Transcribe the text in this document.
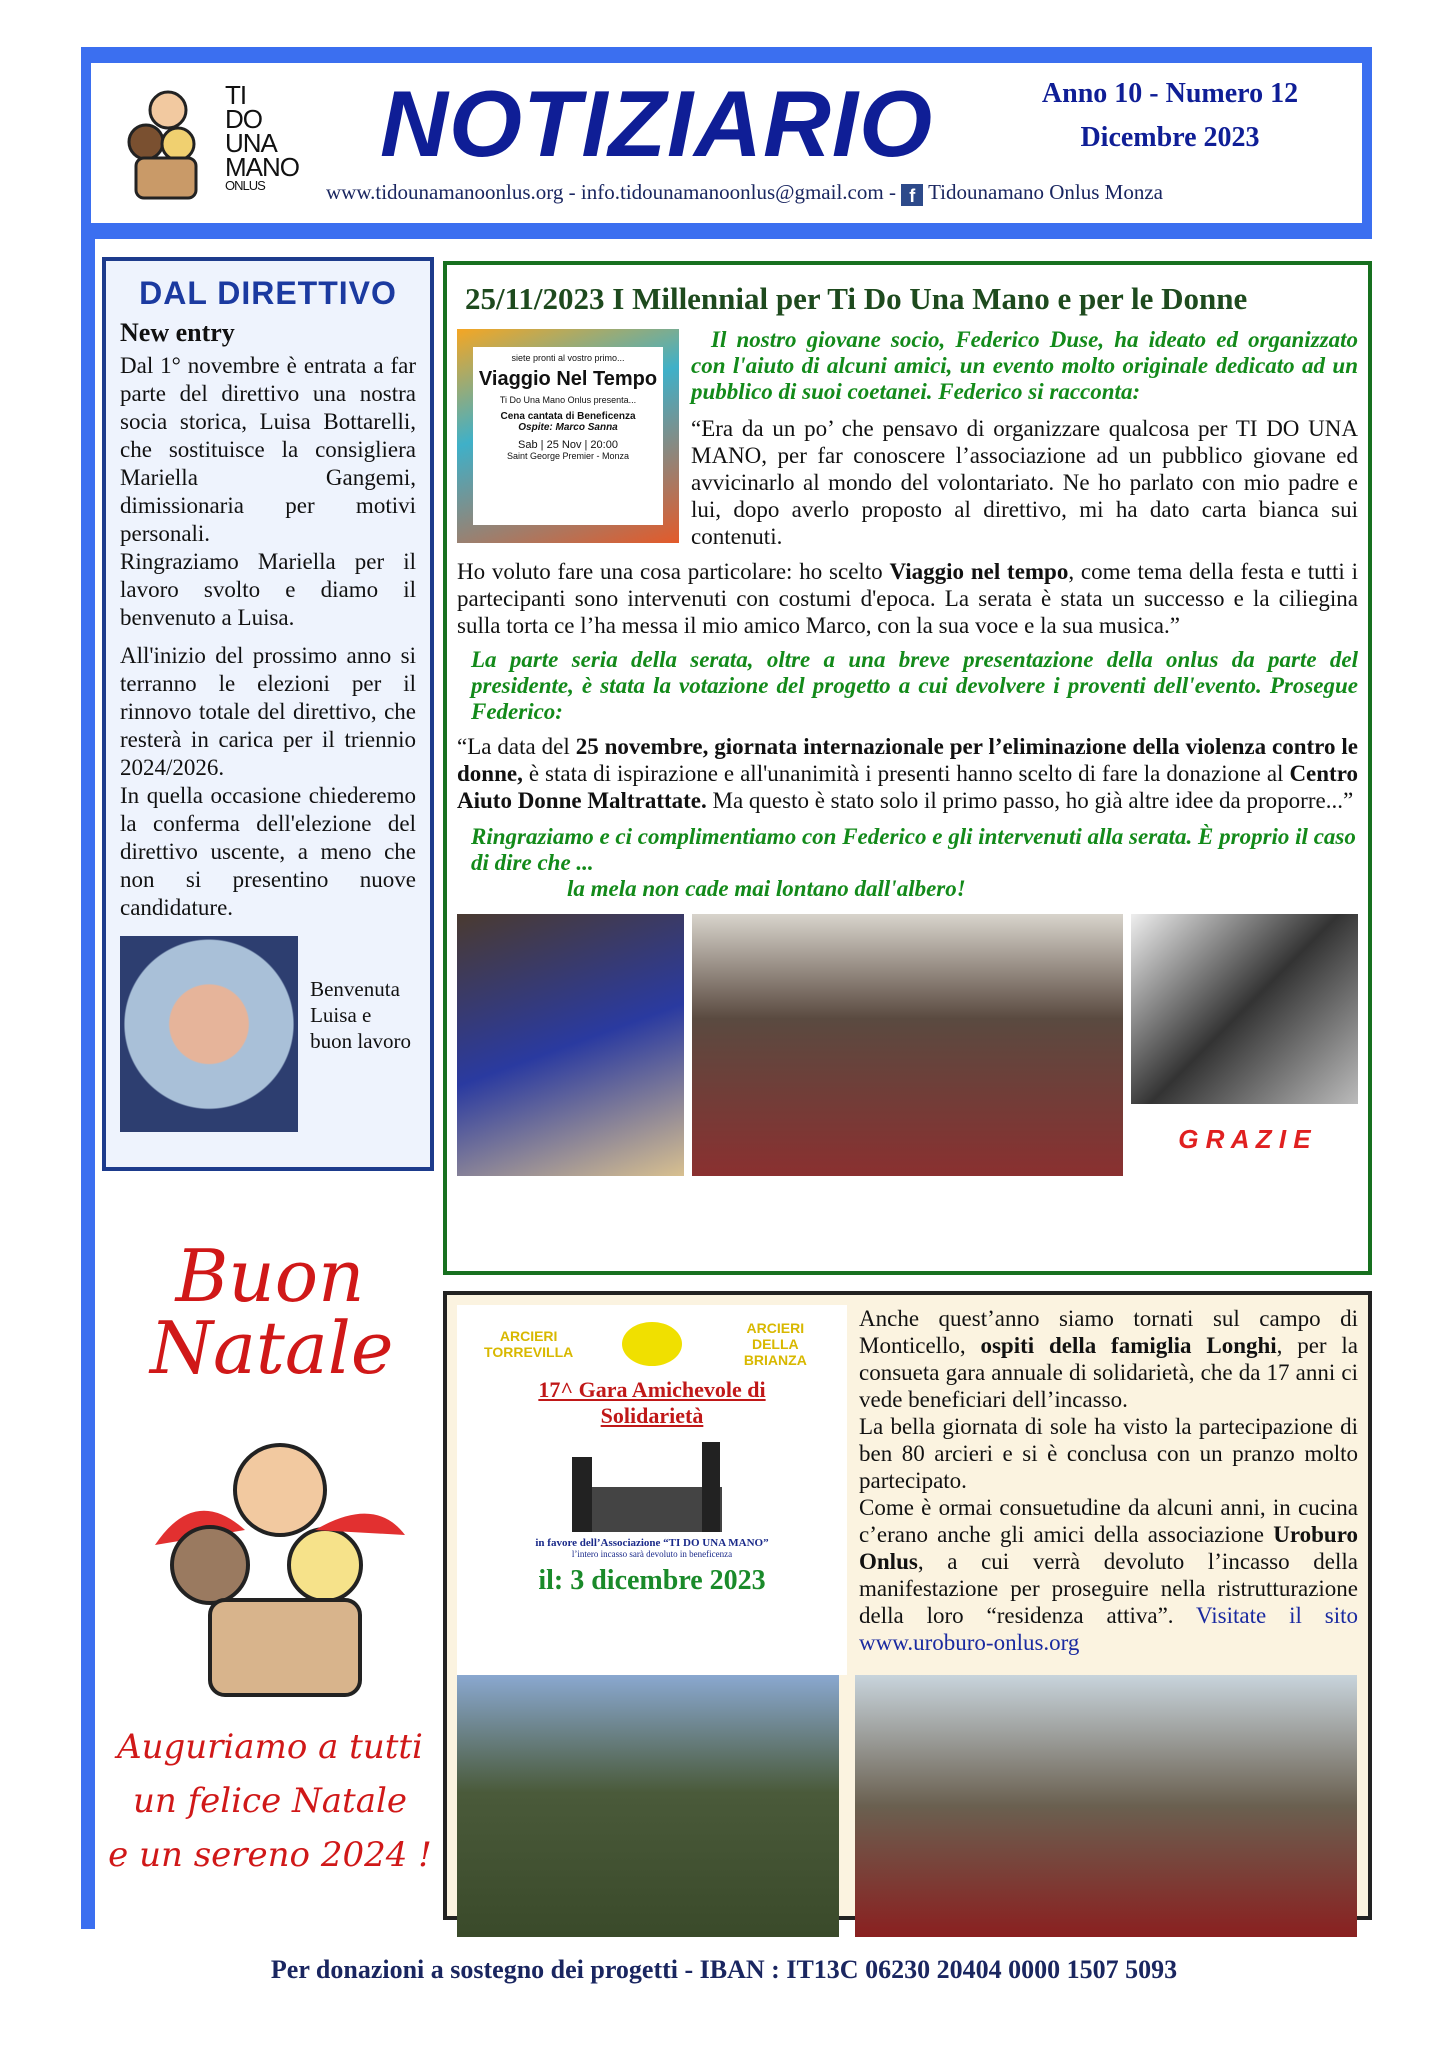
TI
DO
UNA
MANO
ONLUS
NOTIZIARIO	Anno 10 - Numero 12
Dicembre 2023
www.tidounamanoonlus.org - info.tidounamanoonlus@gmail.com - f Tidounamano Onlus Monza
DAL DIRETTIVO
New entry

Dal 1° novembre è entrata a far parte del direttivo una nostra socia storica, Luisa Bottarelli, che sostituisce la consigliera Mariella Gangemi, dimissionaria per motivi personali.

Ringraziamo Mariella per il lavoro svolto e diamo il benvenuto a Luisa.

All'inizio del prossimo anno si terranno le elezioni per il rinnovo totale del direttivo, che resterà in carica per il triennio 2024/2026.

In quella occasione chiederemo la conferma dell'elezione del direttivo uscente, a meno che non si presentino nuove candidature.

Benvenuta Luisa e buon lavoro
Buon
Natale
Auguriamo a tutti
un felice Natale
e un sereno 2024 !
25/11/2023 I Millennial per Ti Do Una Mano e per le Donne
siete pronti al vostro primo...
Viaggio Nel Tempo
Ti Do Una Mano Onlus presenta...
Cena cantata di Beneficenza
Ospite: Marco Sanna
Sab | 25 Nov | 20:00
Saint George Premier - Monza

Il nostro giovane socio, Federico Duse, ha ideato ed organizzato con l'aiuto di alcuni amici, un evento molto originale dedicato ad un pubblico di suoi coetanei. Federico si racconta:

“Era da un po’ che pensavo di organizzare qualcosa per TI DO UNA MANO, per far conoscere l’associazione ad un pubblico giovane ed avvicinarlo al mondo del volontariato. Ne ho parlato con mio padre e lui, dopo averlo proposto al direttivo, mi ha dato carta bianca sui contenuti.

Ho voluto fare una cosa particolare: ho scelto Viaggio nel tempo, come tema della festa e tutti i partecipanti sono intervenuti con costumi d'epoca. La serata è stata un successo e la ciliegina sulla torta ce l’ha messa il mio amico Marco, con la sua voce e la sua musica.”

La parte seria della serata, oltre a una breve presentazione della onlus da parte del presidente, è stata la votazione del progetto a cui devolvere i proventi dell'evento. Prosegue Federico:

“La data del 25 novembre, giornata internazionale per l’eliminazione della violenza contro le donne, è stata di ispirazione e all'unanimità i presenti hanno scelto di fare la donazione al Centro Aiuto Donne Maltrattate. Ma questo è stato solo il primo passo, ho già altre idee da proporre...”

Ringraziamo e ci complimentiamo con Federico e gli intervenuti alla serata. È proprio il caso di dire che ...

la mela non cade mai lontano dall'albero!

G R A Z I E
ARCIERI TORREVILLA
ARCIERI DELLA BRIANZA
17^ Gara Amichevole di Solidarietà
in favore dell’Associazione “TI DO UNA MANO”
l’intero incasso sarà devoluto in beneficenza
il: 3 dicembre 2023

Anche quest’anno siamo tornati sul campo di Monticello, ospiti della famiglia Longhi, per la consueta gara annuale di solidarietà, che da 17 anni ci vede beneficiari dell’incasso.

La bella giornata di sole ha visto la partecipazione di ben 80 arcieri e si è conclusa con un pranzo molto partecipato.

Come è ormai consuetudine da alcuni anni, in cucina c’erano anche gli amici della associazione Uroburo Onlus, a cui verrà devoluto l’incasso della manifestazione per proseguire nella ristrutturazione della loro “residenza attiva”. Visitate il sito www.uroburo-onlus.org

Per donazioni a sostegno dei progetti - IBAN : IT13C 06230 20404 0000 1507 5093
